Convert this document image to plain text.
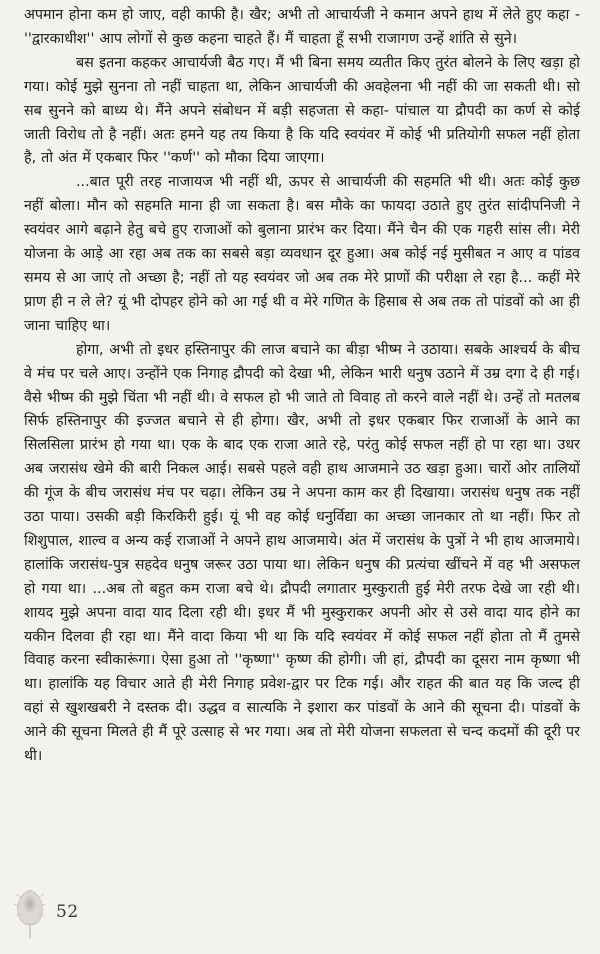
अपमान होना कम हो जाए, वही काफी है। खैर; अभी तो आचार्यजी ने कमान अपने हाथ में लेते हुए कहा - ''द्वारकाधीश'' आप लोगों से कुछ कहना चाहते हैं। मैं चाहता हूँ सभी राजागण उन्हें शांति से सुने।

बस इतना कहकर आचार्यजी बैठ गए। मैं भी बिना समय व्यतीत किए तुरंत बोलने के लिए खड़ा हो गया। कोई मुझे सुनना तो नहीं चाहता था, लेकिन आचार्यजी की अवहेलना भी नहीं की जा सकती थी। सो सब सुनने को बाध्य थे। मैंने अपने संबोधन में बड़ी सहजता से कहा- पांचाल या द्रौपदी का कर्ण से कोई जाती विरोध तो है नहीं। अतः हमने यह तय किया है कि यदि स्वयंवर में कोई भी प्रतियोगी सफल नहीं होता है, तो अंत में एकबार फिर ''कर्ण'' को मौका दिया जाएगा।

...बात पूरी तरह नाजायज भी नहीं थी, ऊपर से आचार्यजी की सहमति भी थी। अतः कोई कुछ नहीं बोला। मौन को सहमति माना ही जा सकता है। बस मौके का फायदा उठाते हुए तुरंत सांदीपनिजी ने स्वयंवर आगे बढ़ाने हेतु बचे हुए राजाओं को बुलाना प्रारंभ कर दिया। मैंने चैन की एक गहरी सांस ली। मेरी योजना के आड़े आ रहा अब तक का सबसे बड़ा व्यवधान दूर हुआ। अब कोई नई मुसीबत न आए व पांडव समय से आ जाएं तो अच्छा है; नहीं तो यह स्वयंवर जो अब तक मेरे प्राणों की परीक्षा ले रहा है... कहीं मेरे प्राण ही न ले ले? यूं भी दोपहर होने को आ गई थी व मेरे गणित के हिसाब से अब तक तो पांडवों को आ ही जाना चाहिए था।

होगा, अभी तो इधर हस्तिनापुर की लाज बचाने का बीड़ा भीष्म ने उठाया। सबके आश्चर्य के बीच वे मंच पर चले आए। उन्होंने एक निगाह द्रौपदी को देखा भी, लेकिन भारी धनुष उठाने में उम्र दगा दे ही गई। वैसे भीष्म की मुझे चिंता भी नहीं थी। वे सफल हो भी जाते तो विवाह तो करने वाले नहीं थे। उन्हें तो मतलब सिर्फ हस्तिनापुर की इज्जत बचाने से ही होगा। खैर, अभी तो इधर एकबार फिर राजाओं के आने का सिलसिला प्रारंभ हो गया था। एक के बाद एक राजा आते रहे, परंतु कोई सफल नहीं हो पा रहा था। उधर अब जरासंध खेमे की बारी निकल आई। सबसे पहले वही हाथ आजमाने उठ खड़ा हुआ। चारों ओर तालियों की गूंज के बीच जरासंध मंच पर चढ़ा। लेकिन उम्र ने अपना काम कर ही दिखाया। जरासंध धनुष तक नहीं उठा पाया। उसकी बड़ी किरकिरी हुई। यूं भी वह कोई धनुर्विद्या का अच्छा जानकार तो था नहीं। फिर तो शिशुपाल, शाल्व व अन्य कई राजाओं ने अपने हाथ आजमाये। अंत में जरासंध के पुत्रों ने भी हाथ आजमाये। हालांकि जरासंध-पुत्र सहदेव धनुष जरूर उठा पाया था। लेकिन धनुष की प्रत्यंचा खींचने में वह भी असफल हो गया था। ...अब तो बहुत कम राजा बचे थे। द्रौपदी लगातार मुस्कुराती हुई मेरी तरफ देखे जा रही थी। शायद मुझे अपना वादा याद दिला रही थी। इधर मैं भी मुस्कुराकर अपनी ओर से उसे वादा याद होने का यकीन दिलवा ही रहा था। मैंने वादा किया भी था कि यदि स्वयंवर में कोई सफल नहीं होता तो मैं तुमसे विवाह करना स्वीकारूंगा। ऐसा हुआ तो ''कृष्णा'' कृष्ण की होगी। जी हां, द्रौपदी का दूसरा नाम कृष्णा भी था। हालांकि यह विचार आते ही मेरी निगाह प्रवेश-द्वार पर टिक गई। और राहत की बात यह कि जल्द ही वहां से खुशखबरी ने दस्तक दी। उद्धव व सात्यकि ने इशारा कर पांडवों के आने की सूचना दी। पांडवों के आने की सूचना मिलते ही मैं पूरे उत्साह से भर गया। अब तो मेरी योजना सफलता से चन्द कदमों की दूरी पर थी।

52
